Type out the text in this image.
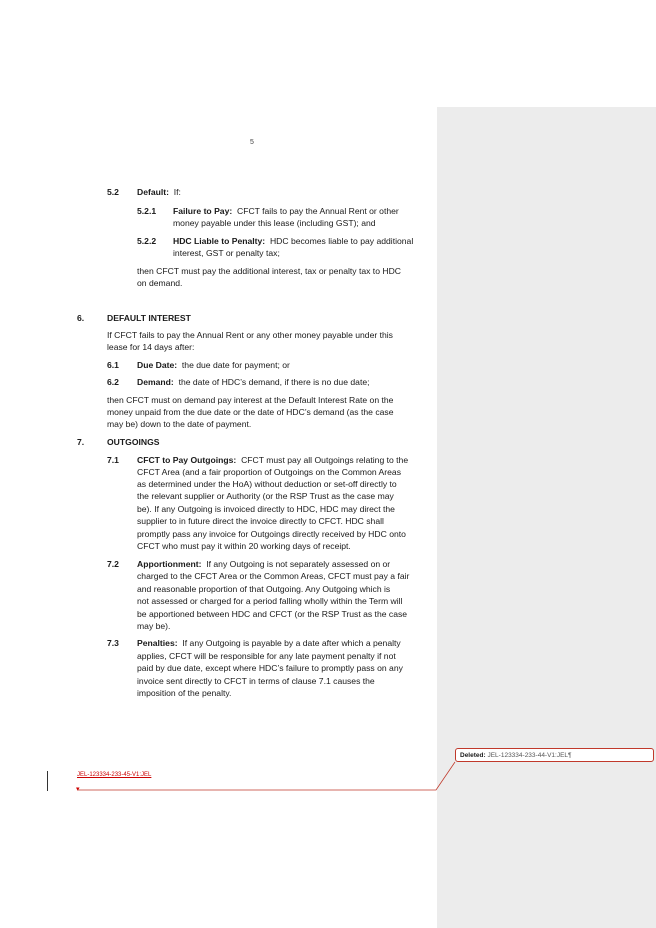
5
5.2 Default: If:
5.2.1 Failure to Pay: CFCT fails to pay the Annual Rent or other
money payable under this lease (including GST); and
5.2.2 HDC Liable to Penalty: HDC becomes liable to pay additional
interest, GST or penalty tax;
then CFCT must pay the additional interest, tax or penalty tax to HDC
on demand.
6.	DEFAULT INTEREST
If CFCT fails to pay the Annual Rent or any other money payable under this
lease for 14 days after:
6.1 Due Date: the due date for payment; or
6.2 Demand: the date of HDC’s demand, if there is no due date;
then CFCT must on demand pay interest at the Default Interest Rate on the
money unpaid from the due date or the date of HDC’s demand (as the case
may be) down to the date of payment.
7.	OUTGOINGS
7.1 CFCT to Pay Outgoings: CFCT must pay all Outgoings relating to the
CFCT Area (and a fair proportion of Outgoings on the Common Areas
as determined under the HoA) without deduction or set-off directly to
the relevant supplier or Authority (or the RSP Trust as the case may
be). If any Outgoing is invoiced directly to HDC, HDC may direct the
supplier to in future direct the invoice directly to CFCT. HDC shall
promptly pass any invoice for Outgoings directly received by HDC onto
CFCT who must pay it within 20 working days of receipt.
7.2 Apportionment: If any Outgoing is not separately assessed on or
charged to the CFCT Area or the Common Areas, CFCT must pay a fair
and reasonable proportion of that Outgoing. Any Outgoing which is
not assessed or charged for a period falling wholly within the Term will
be apportioned between HDC and CFCT (or the RSP Trust as the case
may be).
7.3 Penalties: If any Outgoing is payable by a date after which a penalty
applies, CFCT will be responsible for any late payment penalty if not
paid by due date, except where HDC’s failure to promptly pass on any
invoice sent directly to CFCT in terms of clause 7.1 causes the
imposition of the penalty.
JEL-123334-233-45-V1:JEL
▾
Deleted: JEL-123334-233-44-V1:JEL¶
